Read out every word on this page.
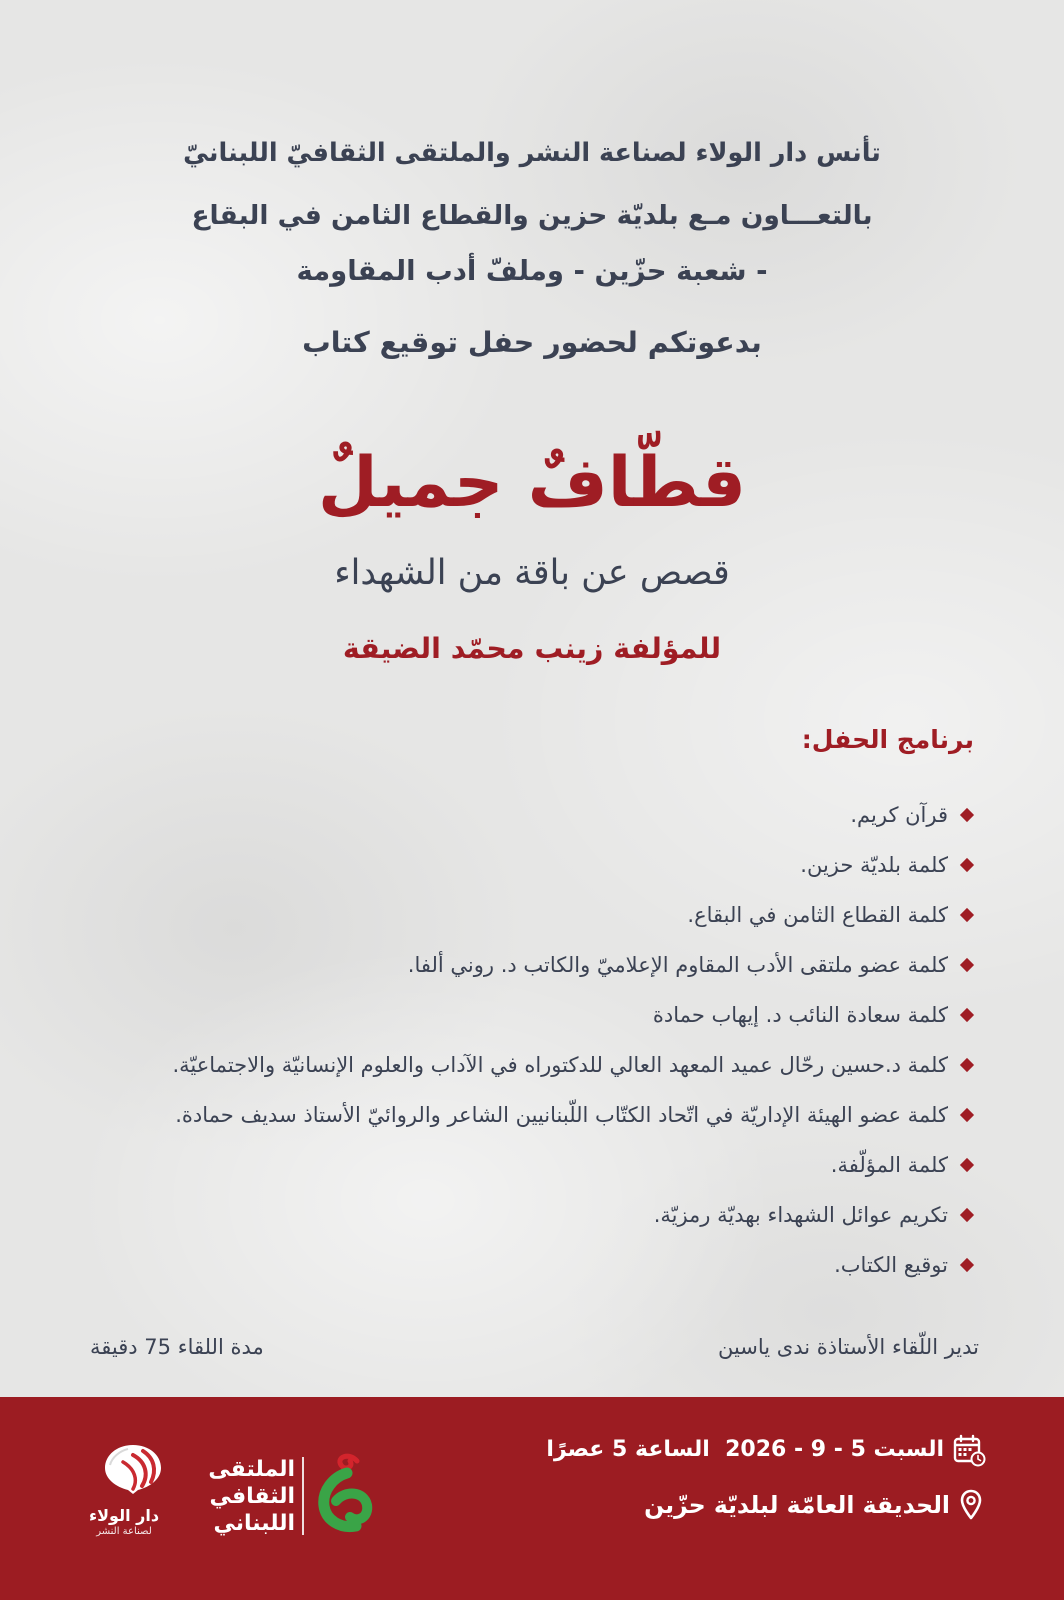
تأنس دار الولاء لصناعة النشر والملتقى الثقافيّ اللبنانيّ
بالتعـــاون مـع بلديّة حزين والقطاع الثامن في البقاع
- شعبة حزّين - وملفّ أدب المقاومة
بدعوتكم لحضور حفل توقيع كتاب
قطّافٌ جميلٌ
قصص عن باقة من الشهداء
للمؤلفة زينب محمّد الضيقة
برنامج الحفل:
قرآن كريم.
كلمة بلديّة حزين.
كلمة القطاع الثامن في البقاع.
كلمة عضو ملتقى الأدب المقاوم الإعلاميّ والكاتب د. روني ألفا.
كلمة سعادة النائب د. إيهاب حمادة
كلمة د.حسين رحّال عميد المعهد العالي للدكتوراه في الآداب والعلوم الإنسانيّة والاجتماعيّة.
كلمة عضو الهيئة الإداريّة في اتّحاد الكتّاب اللّبنانيين الشاعر والروائيّ الأستاذ سديف حمادة.
كلمة المؤلّفة.
تكريم عوائل الشهداء بهديّة رمزيّة.
توقيع الكتاب.
تدير اللّقاء الأستاذة ندى ياسين
مدة اللقاء 75 دقيقة
السبت 5 - 9 - 2026  الساعة 5 عصرًا
الحديقة العامّة لبلديّة حزّين
الملتقى
الثقافي
اللبناني
دار الولاء
لصناعة النشر
